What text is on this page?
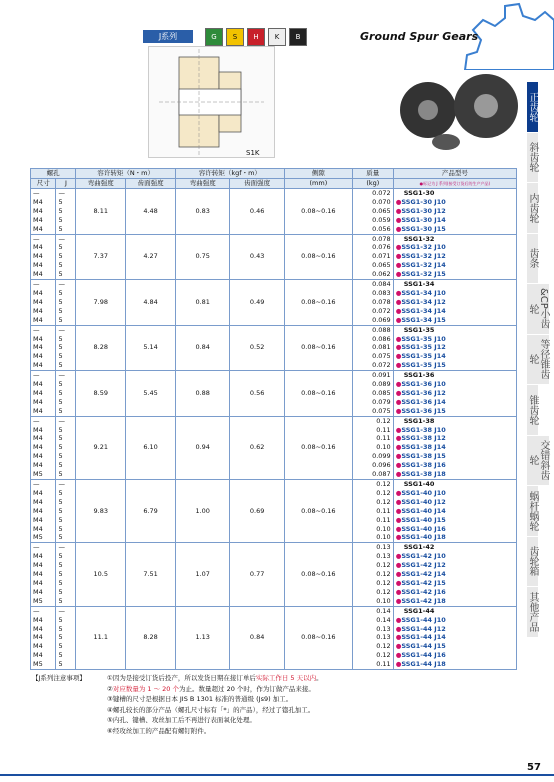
J系列	G	S	H	K	B	Ground Spur Gears
S1K
正齿轮
斜齿轮
内齿轮
齿条
&CP小齿轮
等径锥齿轮
锥齿轮
交错斜齿轮
蜗杆蜗轮
齿轮箱
其他产品
螺孔		容许转矩（N・m）		容许转矩（kgf・m）		侧隙	质量	产品型号
尺寸	J	弯曲强度	齿面强度	弯曲强度	齿面强度	(mm)	(kg)	●标记为 J 系列(接受订货后的生产产品)
—	—	8.11	4.48	0.83	0.46	0.08~0.16	0.072	SSG1-30
M4	5						0.070	●SSG1-30 J10
M4	5						0.065	●SSG1-30 J12
M4	5						0.059	●SSG1-30 J14
M4	5						0.056	●SSG1-30 J15
—	—	7.37	4.27	0.75	0.43	0.08~0.16	0.078	SSG1-32
M4	5						0.076	●SSG1-32 J10
M4	5						0.071	●SSG1-32 J12
M4	5						0.065	●SSG1-32 J14
M4	5						0.062	●SSG1-32 J15
—	—	7.98	4.84	0.81	0.49	0.08~0.16	0.084	SSG1-34
M4	5						0.083	●SSG1-34 J10
M4	5						0.078	●SSG1-34 J12
M4	5						0.072	●SSG1-34 J14
M4	5						0.069	●SSG1-34 J15
—	—	8.28	5.14	0.84	0.52	0.08~0.16	0.088	SSG1-35
M4	5						0.086	●SSG1-35 J10
M4	5						0.081	●SSG1-35 J12
M4	5						0.075	●SSG1-35 J14
M4	5						0.072	●SSG1-35 J15
—	—	8.59	5.45	0.88	0.56	0.08~0.16	0.091	SSG1-36
M4	5						0.089	●SSG1-36 J10
M4	5						0.085	●SSG1-36 J12
M4	5						0.079	●SSG1-36 J14
M4	5						0.075	●SSG1-36 J15
—	—	9.21	6.10	0.94	0.62	0.08~0.16	0.12	SSG1-38
M4	5						0.11	●SSG1-38 J10
M4	5						0.11	●SSG1-38 J12
M4	5						0.10	●SSG1-38 J14
M4	5						0.099	●SSG1-38 J15
M4	5						0.096	●SSG1-38 J16
M5	5						0.087	●SSG1-38 J18
—	—	9.83	6.79	1.00	0.69	0.08~0.16	0.12	SSG1-40
M4	5						0.12	●SSG1-40 J10
M4	5						0.12	●SSG1-40 J12
M4	5						0.11	●SSG1-40 J14
M4	5						0.11	●SSG1-40 J15
M4	5						0.10	●SSG1-40 J16
M5	5						0.10	●SSG1-40 J18
—	—	10.5	7.51	1.07	0.77	0.08~0.16	0.13	SSG1-42
M4	5						0.13	●SSG1-42 J10
M4	5						0.12	●SSG1-42 J12
M4	5						0.12	●SSG1-42 J14
M4	5						0.12	●SSG1-42 J15
M4	5						0.12	●SSG1-42 J16
M5	5						0.10	●SSG1-42 J18
—	—	11.1	8.28	1.13	0.84	0.08~0.16	0.14	SSG1-44
M4	5						0.14	●SSG1-44 J10
M4	5						0.13	●SSG1-44 J12
M4	5						0.13	●SSG1-44 J14
M4	5						0.12	●SSG1-44 J15
M4	5						0.12	●SSG1-44 J16
M5	5						0.11	●SSG1-44 J18
【J系列注意事项】	①因为是接受订货后投产，所以发货日期在接订单后实际工作日 5 天以内。
②对应数量为 1 ～ 20 个为止。数量超过 20 个时，作为订做产品来接。
③键槽的尺寸是根据日本 JIS B 1301 标准的普通级 (Js9) 加工。
④螺孔较长的部分产品（螺孔尺寸标有「*」的产品），经过了锪孔加工。
⑤内孔、键槽、攻丝加工后不再进行表面氧化处理。
⑥经攻丝加工的产品配有螺钉附件。
57
